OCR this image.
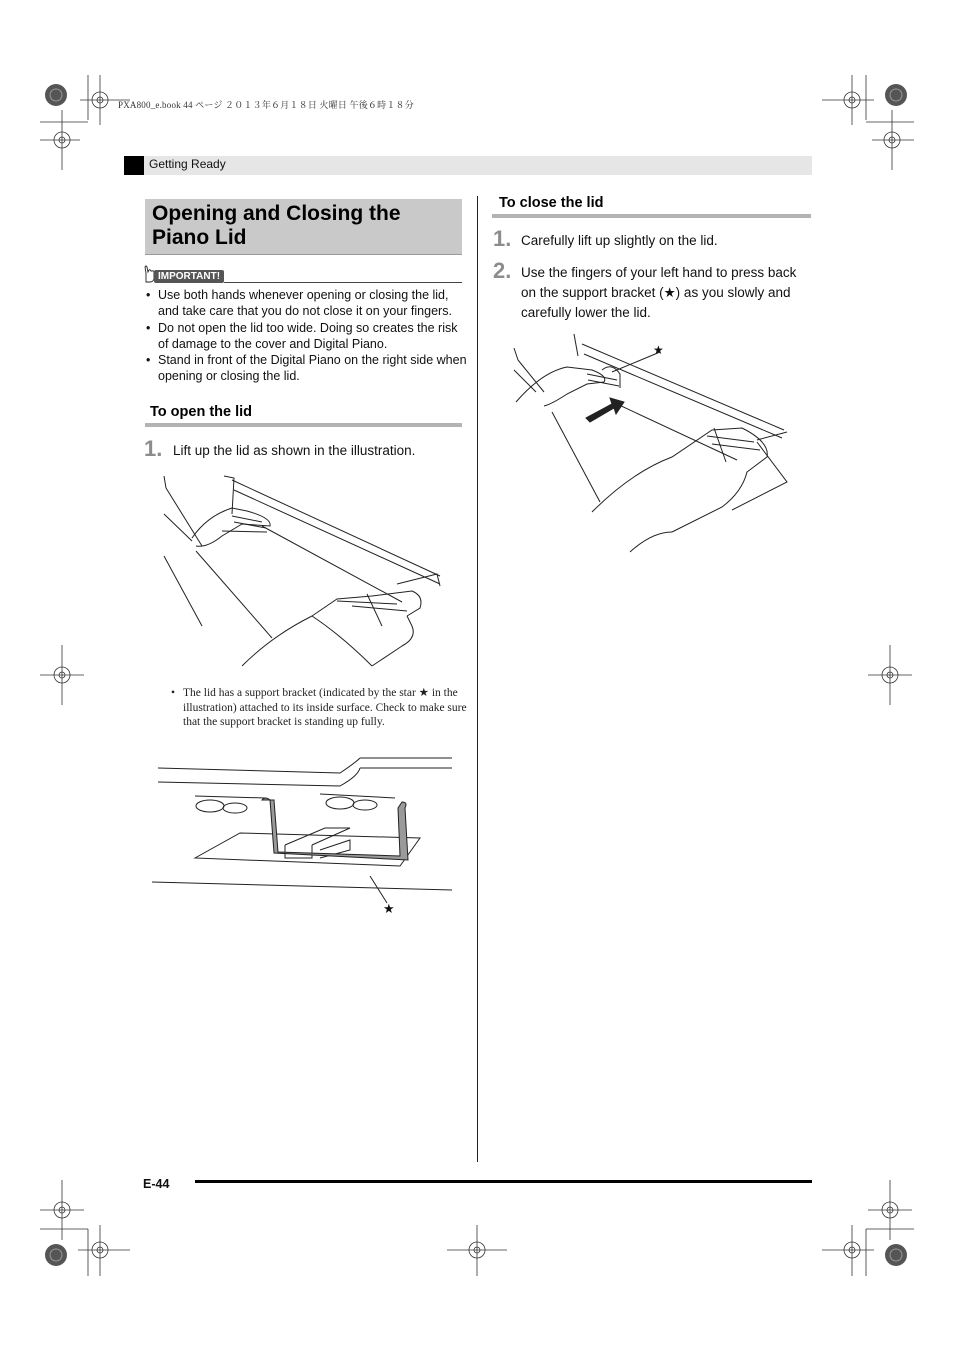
PXA800_e.book 44 ページ ２０１３年６月１８日 火曜日 午後６時１８分
Getting Ready
Opening and Closing the Piano Lid
IMPORTANT!
• Use both hands whenever opening or closing the lid, and take care that you do not close it on your fingers.
• Do not open the lid too wide. Doing so creates the risk of damage to the cover and Digital Piano.
• Stand in front of the Digital Piano on the right side when opening or closing the lid.
To open the lid
1. Lift up the lid as shown in the illustration.
• The lid has a support bracket (indicated by the star ★ in the illustration) attached to its inside surface. Check to make sure that the support bracket is standing up fully.
★
To close the lid
1. Carefully lift up slightly on the lid.
2. Use the fingers of your left hand to press back on the support bracket (★) as you slowly and carefully lower the lid.
★
E-44
